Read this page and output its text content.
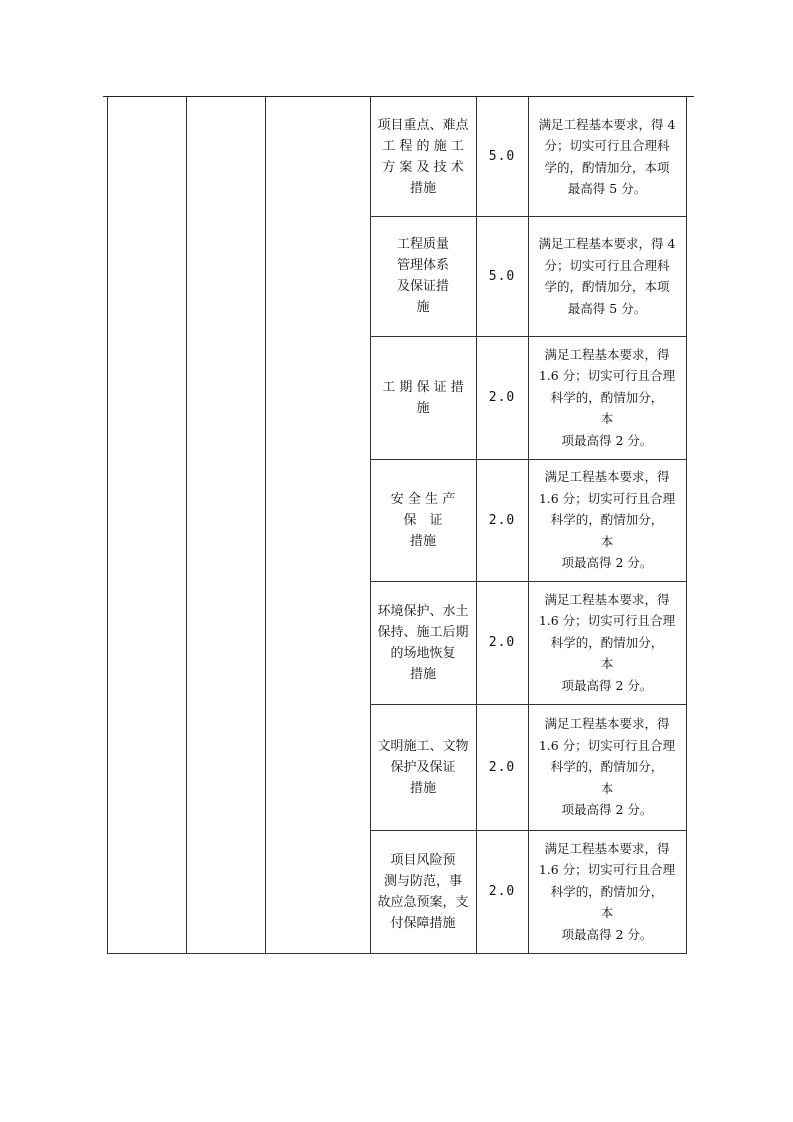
项目重点、难点
工 程 的 施 工
方 案 及 技 术
措施
5.0
满足工程基本要求，得 4
分；切实可行且合理科
学的，酌情加分，本项
最高得 5 分。
工程质量
管理体系
及保证措
施
5.0
满足工程基本要求，得 4
分；切实可行且合理科
学的，酌情加分，本项
最高得 5 分。
工 期 保 证 措
施
2.0
满足工程基本要求，得
1.6 分；切实可行且合理
科学的，酌情加分，
本
项最高得 2 分。
安 全 生 产
保　证
措施
2.0
满足工程基本要求，得
1.6 分；切实可行且合理
科学的，酌情加分，
本
项最高得 2 分。
环境保护、水土
保持、施工后期
的场地恢复
措施
2.0
满足工程基本要求，得
1.6 分；切实可行且合理
科学的，酌情加分，
本
项最高得 2 分。
文明施工、文物
保护及保证
措施
2.0
满足工程基本要求，得
1.6 分；切实可行且合理
科学的，酌情加分，
本
项最高得 2 分。
项目风险预
测与防范，事
故应急预案，支
付保障措施
2.0
满足工程基本要求，得
1.6 分；切实可行且合理
科学的，酌情加分，
本
项最高得 2 分。
